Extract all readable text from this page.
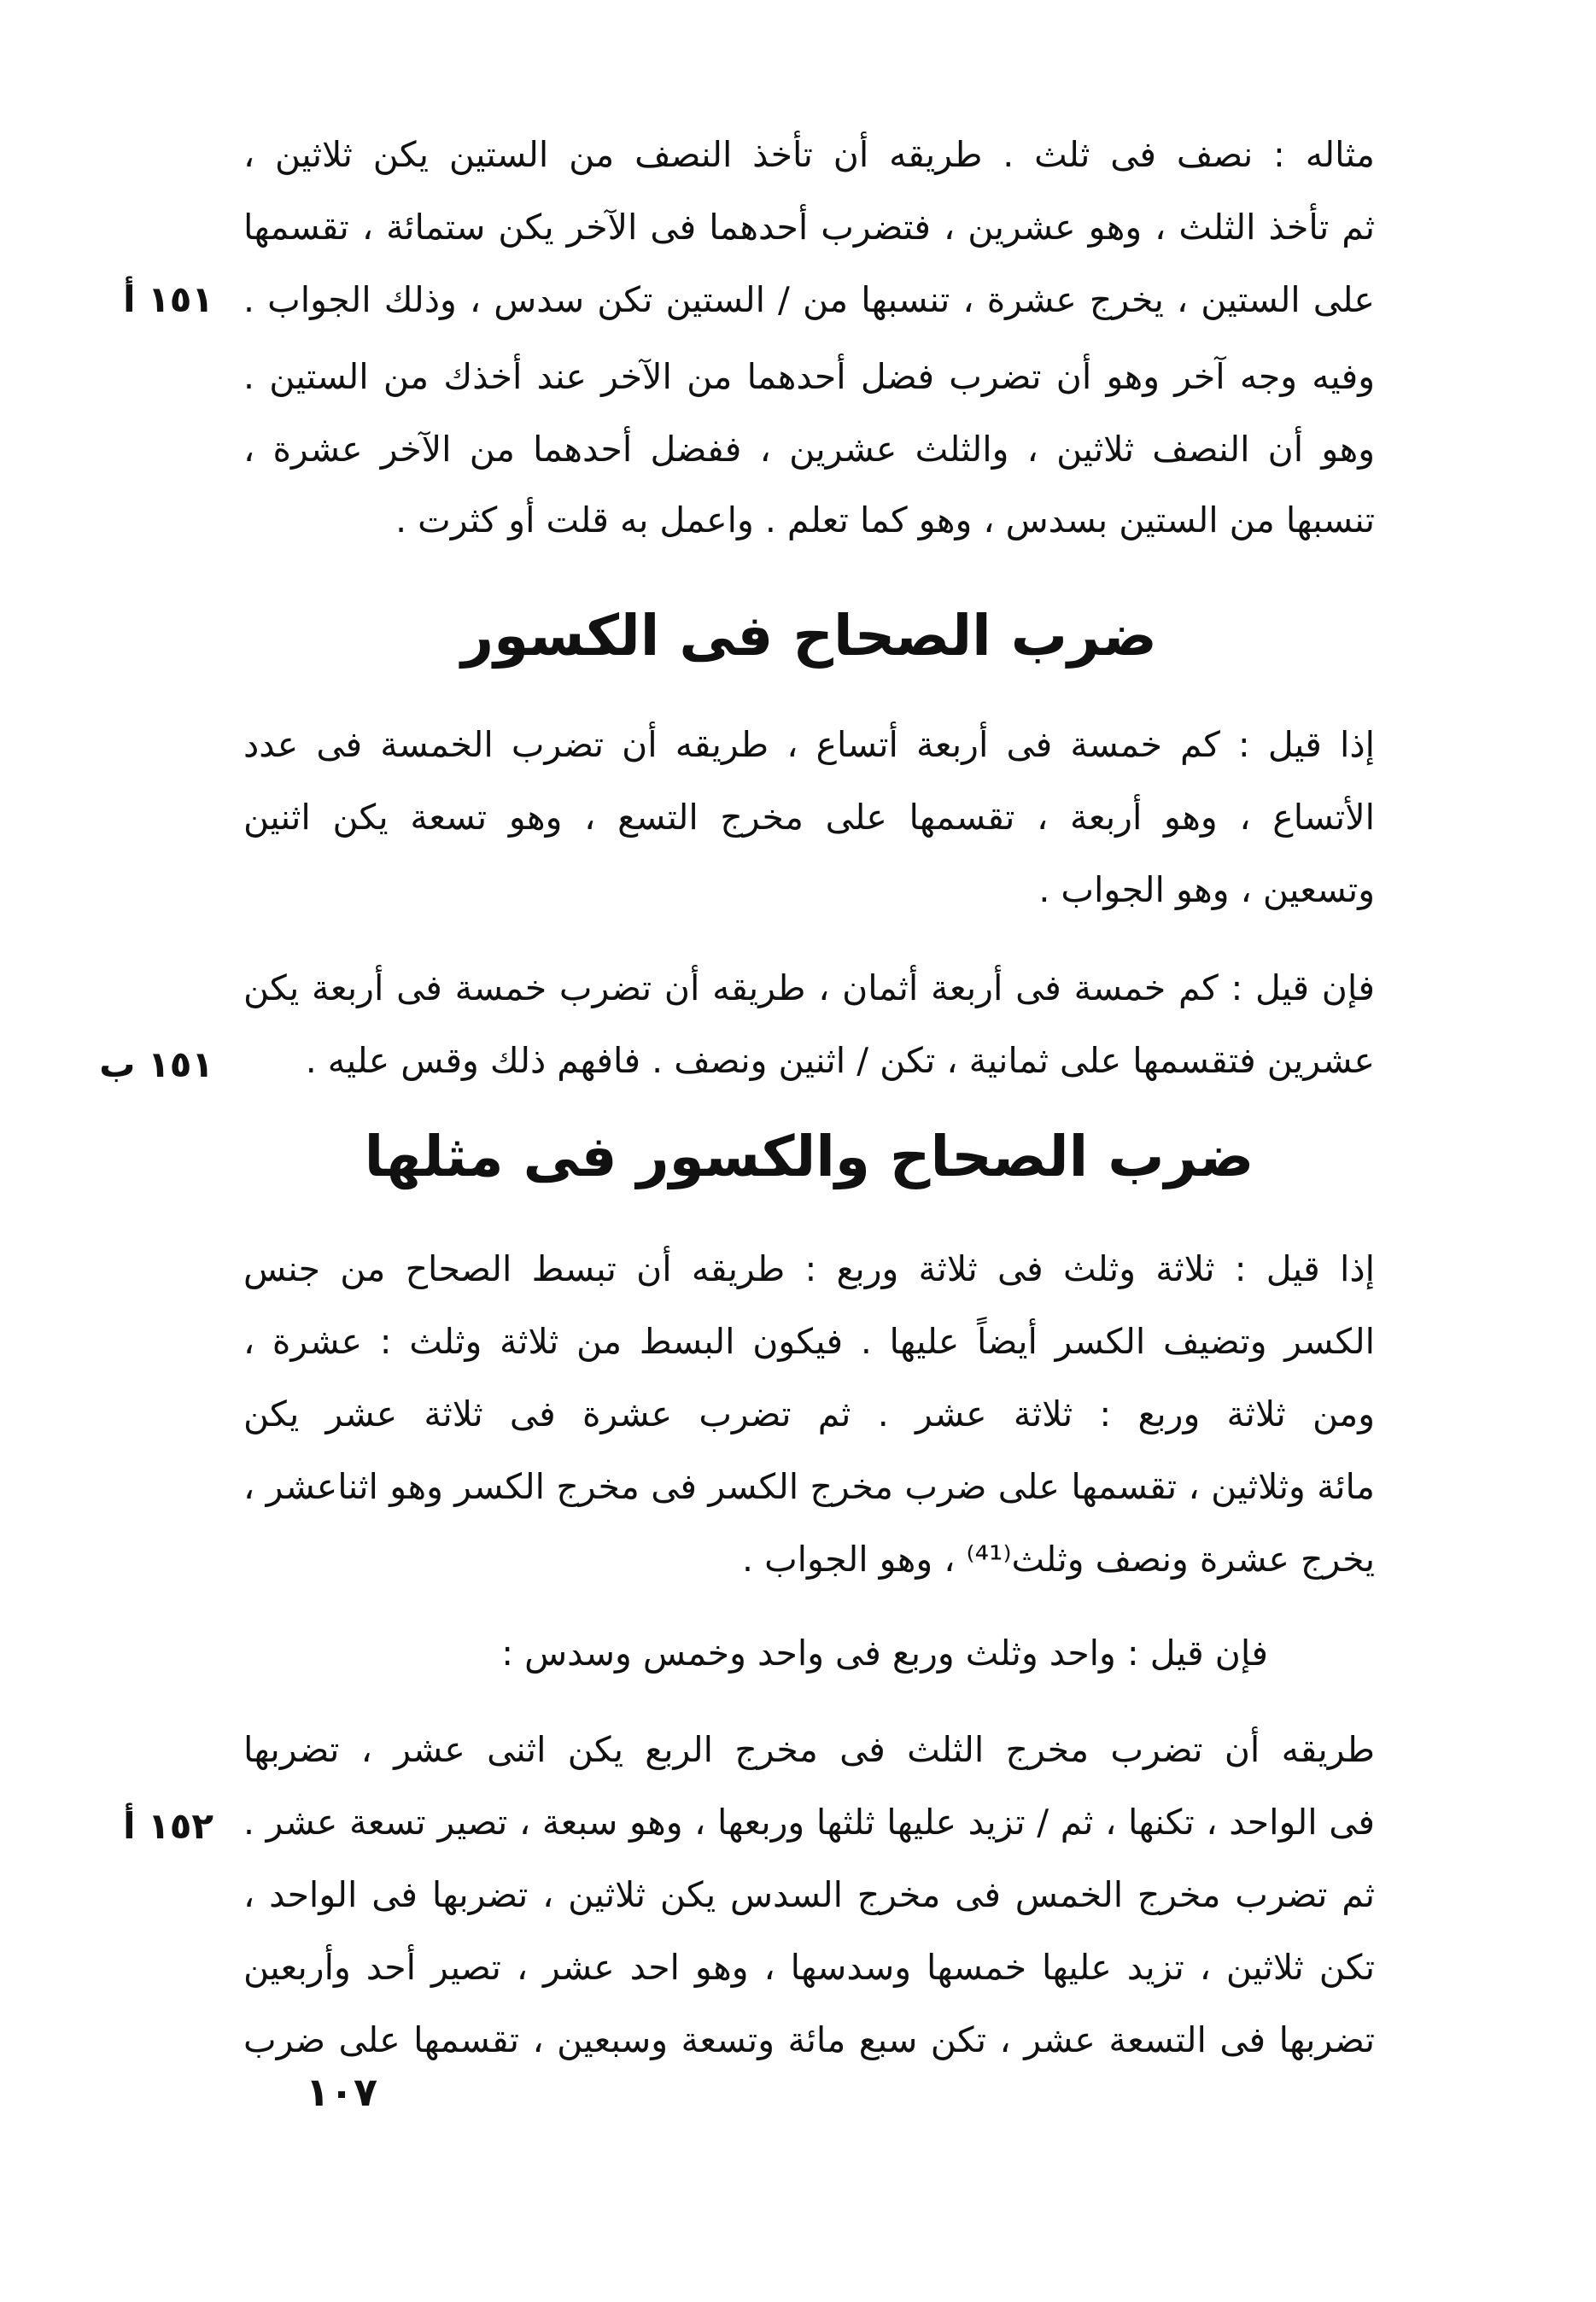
مثاله : نصف فى ثلث . طريقه أن تأخذ النصف من الستين يكن ثلاثين ،
ثم تأخذ الثلث ، وهو عشرين ، فتضرب أحدهما فى الآخر يكن ستمائة ، تقسمها
على الستين ، يخرج عشرة ، تنسبها من / الستين تكن سدس ، وذلك الجواب .
١٥١ أ
وفيه وجه آخر وهو أن تضرب فضل أحدهما من الآخر عند أخذك من الستين .
وهو أن النصف ثلاثين ، والثلث عشرين ، ففضل أحدهما من الآخر عشرة ،
تنسبها من الستين بسدس ، وهو كما تعلم . واعمل به قلت أو كثرت .
ضرب الصحاح فى الكسور
إذا قيل : كم خمسة فى أربعة أتساع ، طريقه أن تضرب الخمسة فى عدد
الأتساع ، وهو أربعة ، تقسمها على مخرج التسع ، وهو تسعة يكن اثنين
وتسعين ، وهو الجواب .
فإن قيل : كم خمسة فى أربعة أثمان ، طريقه أن تضرب خمسة فى أربعة يكن
عشرين فتقسمها على ثمانية ، تكن / اثنين ونصف . فافهم ذلك وقس عليه .
١٥١ ب
ضرب الصحاح والكسور فى مثلها
إذا قيل : ثلاثة وثلث فى ثلاثة وربع : طريقه أن تبسط الصحاح من جنس
الكسر وتضيف الكسر أيضاً عليها . فيكون البسط من ثلاثة وثلث : عشرة ،
ومن ثلاثة وربع : ثلاثة عشر . ثم تضرب عشرة فى ثلاثة عشر يكن
مائة وثلاثين ، تقسمها على ضرب مخرج الكسر فى مخرج الكسر وهو اثناعشر ،
يخرج عشرة ونصف وثلث⁽⁴¹⁾ ، وهو الجواب .
فإن قيل : واحد وثلث وربع فى واحد وخمس وسدس :
طريقه أن تضرب مخرج الثلث فى مخرج الربع يكن اثنى عشر ، تضربها
فى الواحد ، تكنها ، ثم / تزيد عليها ثلثها وربعها ، وهو سبعة ، تصير تسعة عشر .
١٥٢ أ
ثم تضرب مخرج الخمس فى مخرج السدس يكن ثلاثين ، تضربها فى الواحد ،
تكن ثلاثين ، تزيد عليها خمسها وسدسها ، وهو احد عشر ، تصير أحد وأربعين
تضربها فى التسعة عشر ، تكن سبع مائة وتسعة وسبعين ، تقسمها على ضرب
١٠٧
